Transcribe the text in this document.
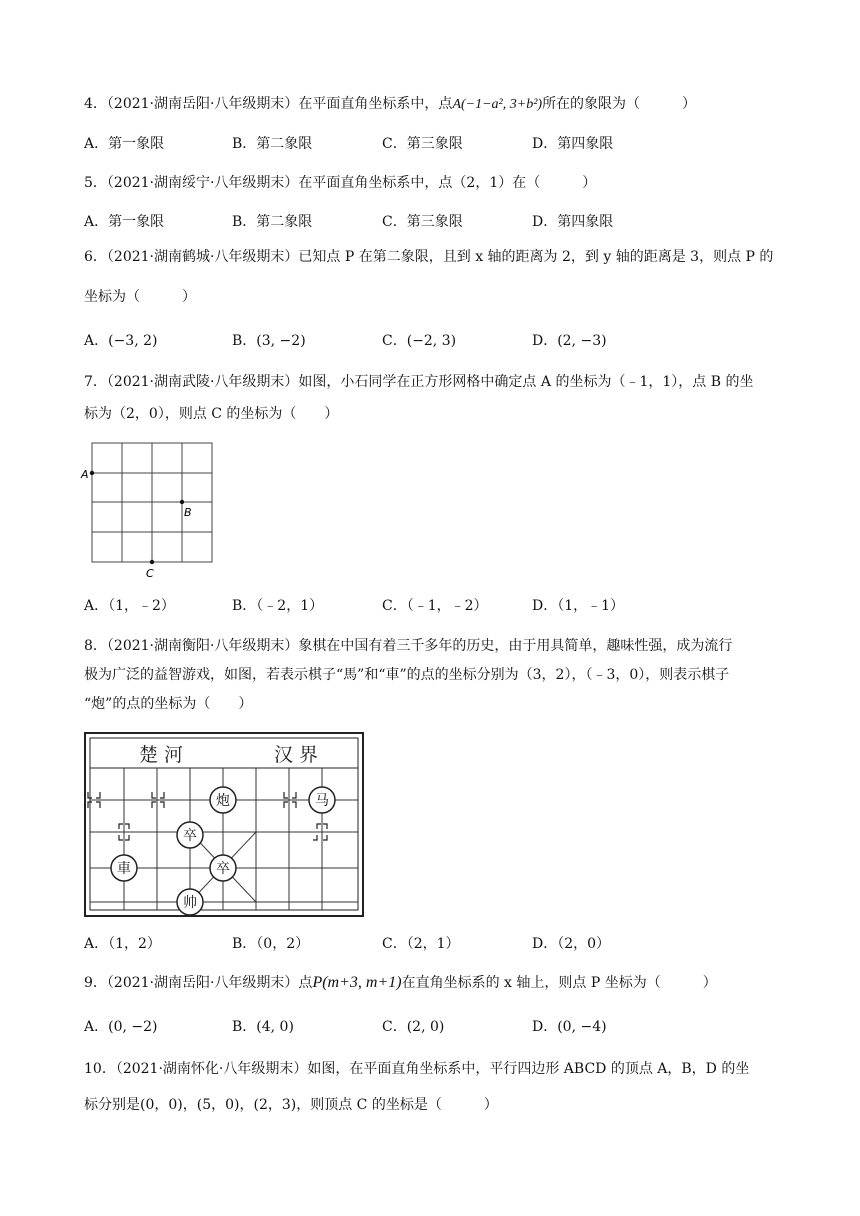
4．（2021·湖南岳阳·八年级期末）在平面直角坐标系中，点A(−1−a², 3+b²)所在的象限为（　　　）
A．第一象限	B．第二象限	C．第三象限	D．第四象限
5．（2021·湖南绥宁·八年级期末）在平面直角坐标系中，点（2，1）在（　　　）
A．第一象限	B．第二象限	C．第三象限	D．第四象限
6．（2021·湖南鹤城·八年级期末）已知点 P 在第二象限，且到 x 轴的距离为 2，到 y 轴的距离是 3，则点 P 的
坐标为（　　　）
A．(−3, 2)	B．(3, −2)	C．(−2, 3)	D．(2, −3)
7．（2021·湖南武陵·八年级期末）如图，小石同学在正方形网格中确定点 A 的坐标为（﹣1，1），点 B 的坐
标为（2，0），则点 C 的坐标为（　　）
A
B
C
A．（1，﹣2）	B．（﹣2，1）	C．（﹣1，﹣2）	D．（1，﹣1）
8．（2021·湖南衡阳·八年级期末）象棋在中国有着三千多年的历史，由于用具简单，趣味性强，成为流行
极为广泛的益智游戏，如图，若表示棋子“馬”和“車”的点的坐标分别为（3，2），（﹣3，0），则表示棋子
“炮”的点的坐标为（　　）
楚河	汉界
炮	马
卒
卒
車
帅
A．（1，2）	B．（0，2）	C．（2，1）	D．（2，0）
9．（2021·湖南岳阳·八年级期末）点P(m+3, m+1)在直角坐标系的 x 轴上，则点 P 坐标为（　　　）
A．(0, −2)	B．(4, 0)	C．(2, 0)	D．(0, −4)
10．（2021·湖南怀化·八年级期末）如图，在平面直角坐标系中，平行四边形 ABCD 的顶点 A，B，D 的坐
标分别是(0，0)，(5，0)，(2，3)，则顶点 C 的坐标是（　　　）
